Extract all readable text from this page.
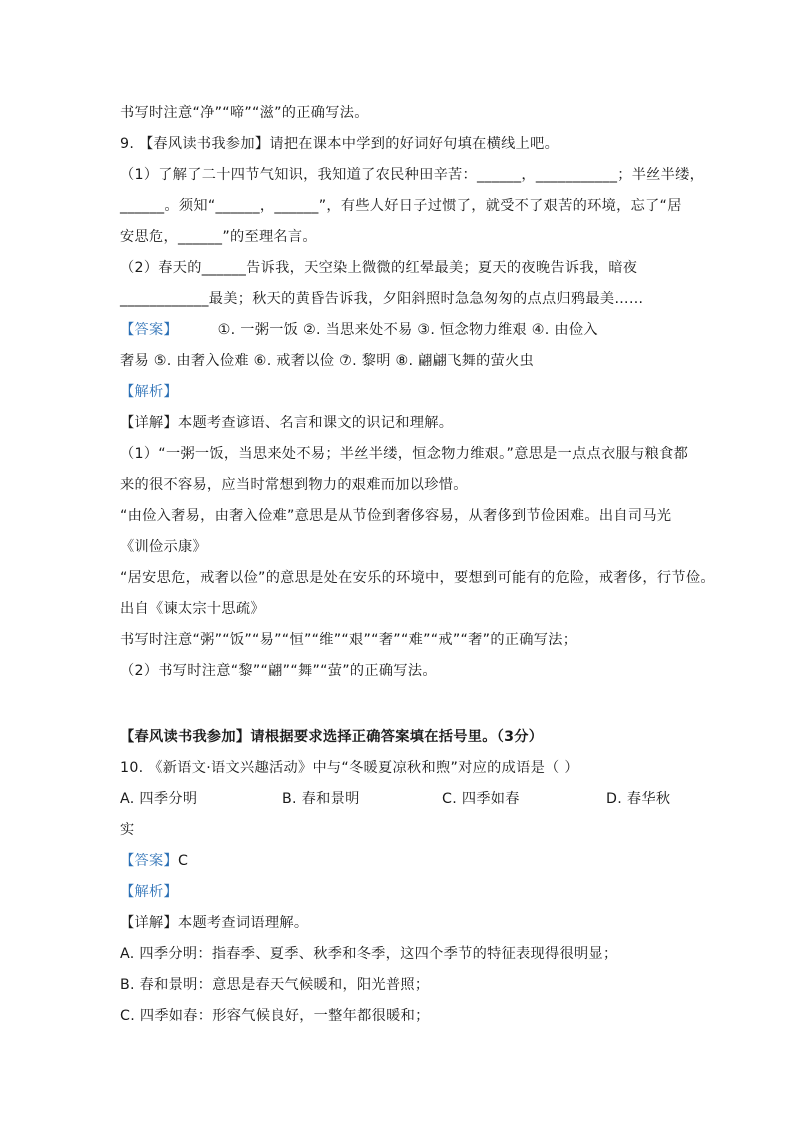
书写时注意“净”“啼”“滋”的正确写法。
9. 【春风读书我参加】请把在课本中学到的好词好句填在横线上吧。
（1）了解了二十四节气知识，我知道了农民种田辛苦：______，___________；半丝半缕，
______。须知“______，______”，有些人好日子过惯了，就受不了艰苦的环境，忘了“居
安思危，______”的至理名言。
（2）春天的______告诉我，天空染上微微的红晕最美；夏天的夜晚告诉我，暗夜
____________最美；秋天的黄昏告诉我，夕阳斜照时急急匆匆的点点归鸦最美……
【答案】	①. 一粥一饭 ②. 当思来处不易 ③. 恒念物力维艰 ④. 由俭入
奢易 ⑤. 由奢入俭难 ⑥. 戒奢以俭 ⑦. 黎明 ⑧. 翩翩飞舞的萤火虫
【解析】
【详解】本题考查谚语、名言和课文的识记和理解。
（1）“一粥一饭，当思来处不易；半丝半缕，恒念物力维艰。”意思是一点点衣服与粮食都
来的很不容易，应当时常想到物力的艰难而加以珍惜。
“由俭入奢易，由奢入俭难”意思是从节俭到奢侈容易，从奢侈到节俭困难。出自司马光
《训俭示康》
“居安思危，戒奢以俭”的意思是处在安乐的环境中，要想到可能有的危险，戒奢侈，行节俭。
出自《谏太宗十思疏》
书写时注意“粥”“饭”“易”“恒”“维”“艰”“奢”“难”“戒”“奢”的正确写法；
（2）书写时注意“黎”“翩”“舞”“萤”的正确写法。
【春风读书我参加】请根据要求选择正确答案填在括号里。（3分）
10. 《新语文·语文兴趣活动》中与“冬暖夏凉秋和煦”对应的成语是（ ）
A. 四季分明	B. 春和景明	C. 四季如春	D. 春华秋
实
【答案】C
【解析】
【详解】本题考查词语理解。
A. 四季分明：指春季、夏季、秋季和冬季，这四个季节的特征表现得很明显；
B. 春和景明：意思是春天气候暖和，阳光普照；
C. 四季如春：形容气候良好，一整年都很暖和；
